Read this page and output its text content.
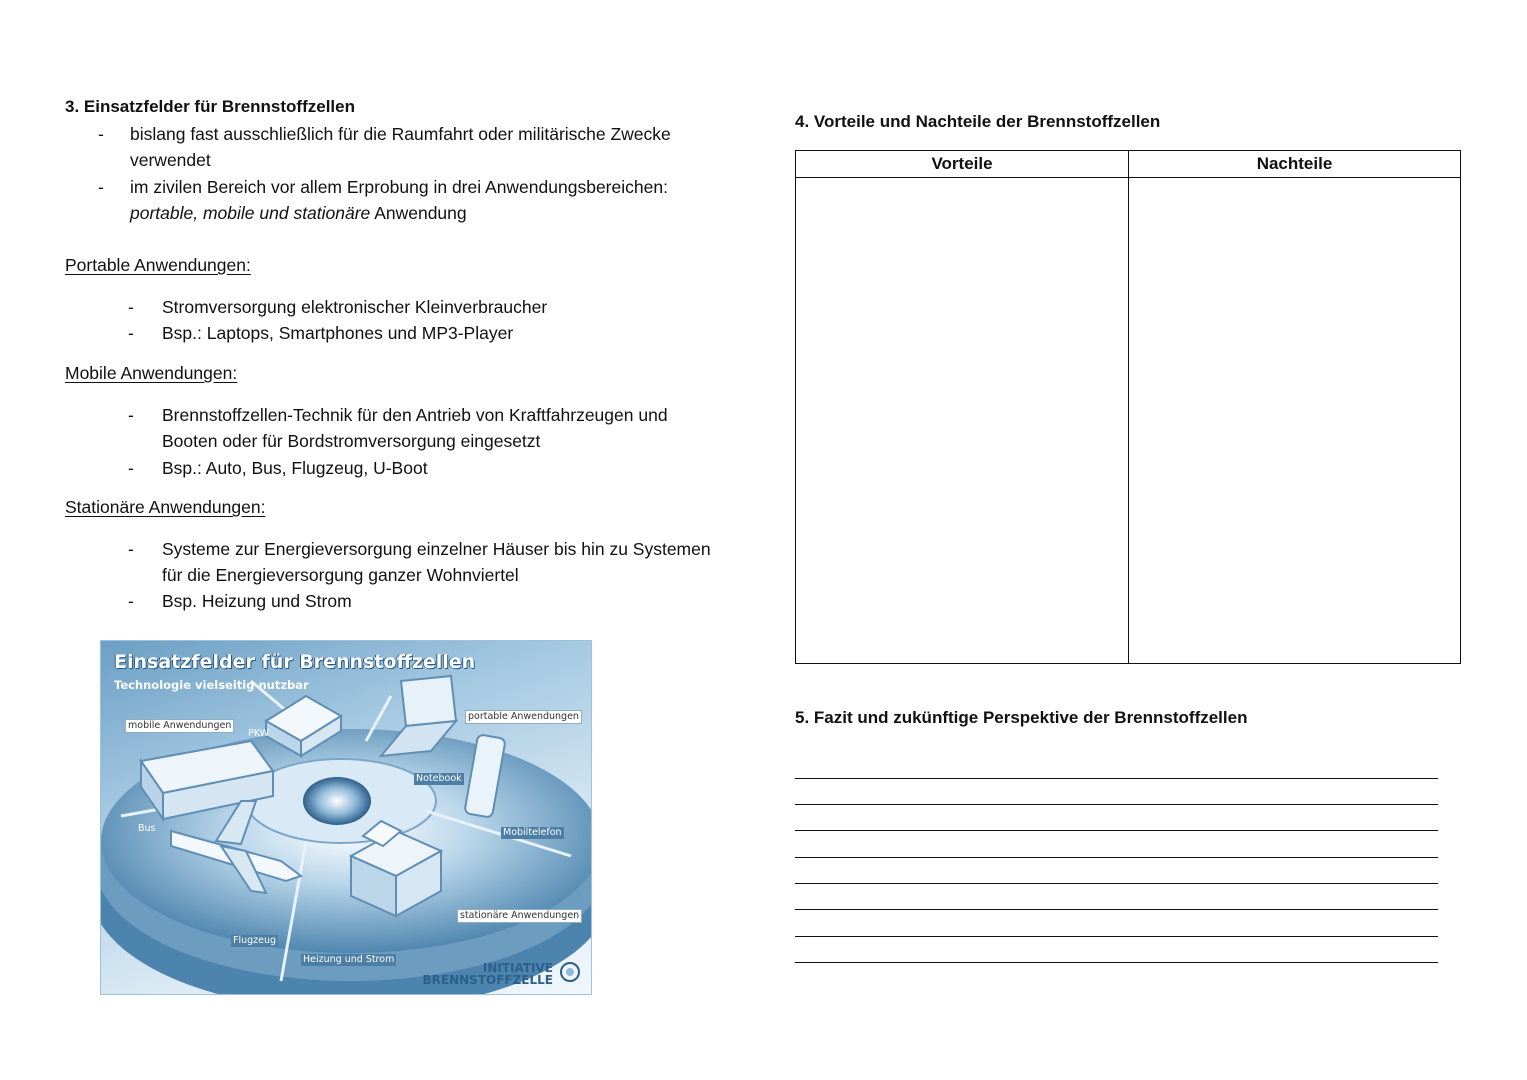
3. Einsatzfelder für Brennstoffzellen
- bislang fast ausschließlich für die Raumfahrt oder militärische Zwecke
verwendet
- im zivilen Bereich vor allem Erprobung in drei Anwendungsbereichen:
portable, mobile und stationäre Anwendung
Portable Anwendungen:
- Stromversorgung elektronischer Kleinverbraucher
- Bsp.: Laptops, Smartphones und MP3-Player
Mobile Anwendungen:
- Brennstoffzellen-Technik für den Antrieb von Kraftfahrzeugen und
Booten oder für Bordstromversorgung eingesetzt
- Bsp.: Auto, Bus, Flugzeug, U-Boot
Stationäre Anwendungen:
- Systeme zur Energieversorgung einzelner Häuser bis hin zu Systemen
für die Energieversorgung ganzer Wohnviertel
- Bsp. Heizung und Strom
Einsatzfelder für Brennstoffzellen
Technologie vielseitig nutzbar
mobile Anwendungen
PKW
portable Anwendungen
Notebook
Bus	Mobiltelefon
stationäre Anwendungen
Flugzeug
Heizung und Strom
INITIATIVE
BRENNSTOFFZELLE
4. Vorteile und Nachteile der Brennstoffzellen
Vorteile	Nachteile
5. Fazit und zukünftige Perspektive der Brennstoffzellen
